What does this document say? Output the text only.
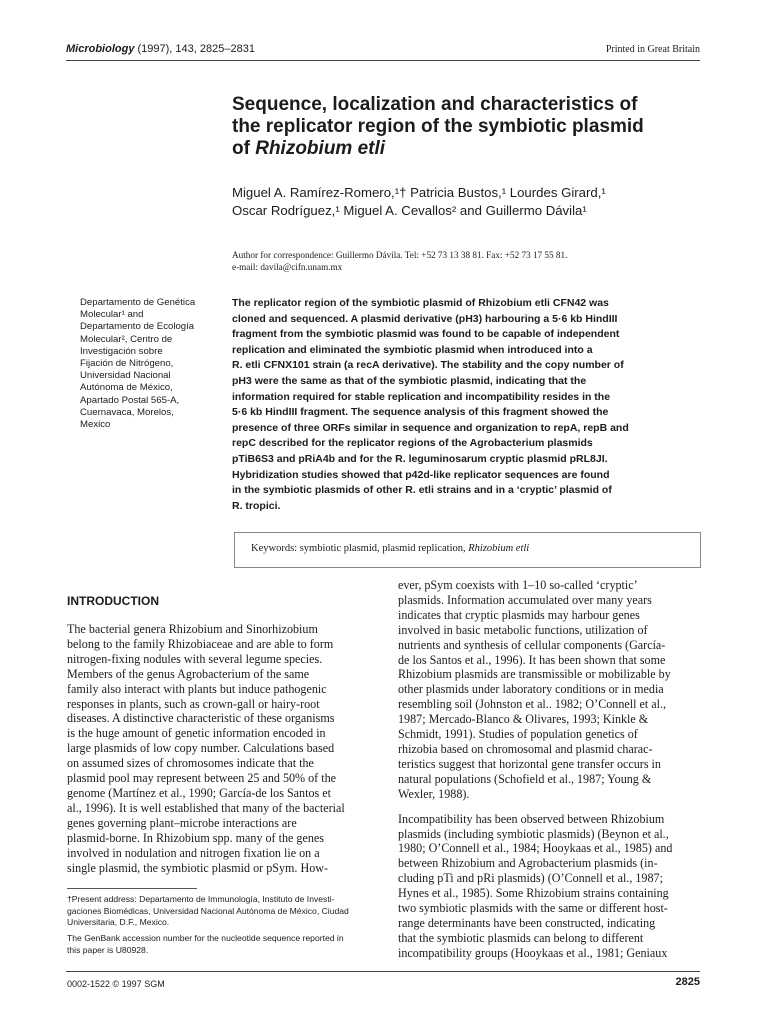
Microbiology (1997), 143, 2825–2831	Printed in Great Britain
Sequence, localization and characteristics of
the replicator region of the symbiotic plasmid
of Rhizobium etli
Miguel A. Ramírez-Romero,¹† Patricia Bustos,¹ Lourdes Girard,¹
Oscar Rodríguez,¹ Miguel A. Cevallos² and Guillermo Dávila¹
Author for correspondence: Guillermo Dávila. Tel: +52 73 13 38 81. Fax: +52 73 17 55 81.
e-mail: davila@cifn.unam.mx
Departamento de Genética
Molecular¹ and
Departamento de Ecología
Molecular², Centro de
Investigación sobre
Fijación de Nitrógeno,
Universidad Nacional
Autónoma de México,
Apartado Postal 565-A,
Cuernavaca, Morelos,
Mexico
The replicator region of the symbiotic plasmid of Rhizobium etli CFN42 was
cloned and sequenced. A plasmid derivative (pH3) harbouring a 5·6 kb HindIII
fragment from the symbiotic plasmid was found to be capable of independent
replication and eliminated the symbiotic plasmid when introduced into a
R. etli CFNX101 strain (a recA derivative). The stability and the copy number of
pH3 were the same as that of the symbiotic plasmid, indicating that the
information required for stable replication and incompatibility resides in the
5·6 kb HindIII fragment. The sequence analysis of this fragment showed the
presence of three ORFs similar in sequence and organization to repA, repB and
repC described for the replicator regions of the Agrobacterium plasmids
pTiB6S3 and pRiA4b and for the R. leguminosarum cryptic plasmid pRL8JI.
Hybridization studies showed that p42d-like replicator sequences are found
in the symbiotic plasmids of other R. etli strains and in a ‘cryptic’ plasmid of
R. tropici.
Keywords: symbiotic plasmid, plasmid replication, Rhizobium etli
INTRODUCTION
The bacterial genera Rhizobium and Sinorhizobium
belong to the family Rhizobiaceae and are able to form
nitrogen-fixing nodules with several legume species.
Members of the genus Agrobacterium of the same
family also interact with plants but induce pathogenic
responses in plants, such as crown-gall or hairy-root
diseases. A distinctive characteristic of these organisms
is the huge amount of genetic information encoded in
large plasmids of low copy number. Calculations based
on assumed sizes of chromosomes indicate that the
plasmid pool may represent between 25 and 50% of the
genome (Martínez et al., 1990; García-de los Santos et
al., 1996). It is well established that many of the bacterial
genes governing plant–microbe interactions are
plasmid-borne. In Rhizobium spp. many of the genes
involved in nodulation and nitrogen fixation lie on a
single plasmid, the symbiotic plasmid or pSym. How-
ever, pSym coexists with 1–10 so-called ‘cryptic’
plasmids. Information accumulated over many years
indicates that cryptic plasmids may harbour genes
involved in basic metabolic functions, utilization of
nutrients and synthesis of cellular components (García-
de los Santos et al., 1996). It has been shown that some
Rhizobium plasmids are transmissible or mobilizable by
other plasmids under laboratory conditions or in media
resembling soil (Johnston et al.. 1982; O’Connell et al.,
1987; Mercado-Blanco & Olivares, 1993; Kinkle &
Schmidt, 1991). Studies of population genetics of
rhizobia based on chromosomal and plasmid charac-
teristics suggest that horizontal gene transfer occurs in
natural populations (Schofield et al., 1987; Young &
Wexler, 1988).
Incompatibility has been observed between Rhizobium
plasmids (including symbiotic plasmids) (Beynon et al.,
1980; O’Connell et al., 1984; Hooykaas et al., 1985) and
between Rhizobium and Agrobacterium plasmids (in-
cluding pTi and pRi plasmids) (O’Connell et al., 1987;
Hynes et al., 1985). Some Rhizobium strains containing
two symbiotic plasmids with the same or different host-
range determinants have been constructed, indicating
that the symbiotic plasmids can belong to different
incompatibility groups (Hooykaas et al., 1981; Geniaux
†Present address: Departamento de Immunología, Instituto de Investi-
gaciones Biomédicas, Universidad Nacional Autónoma de México, Ciudad
Universitaria, D.F., Mexico.
The GenBank accession number for the nucleotide sequence reported in
this paper is U80928.
0002-1522 © 1997 SGM	2825
